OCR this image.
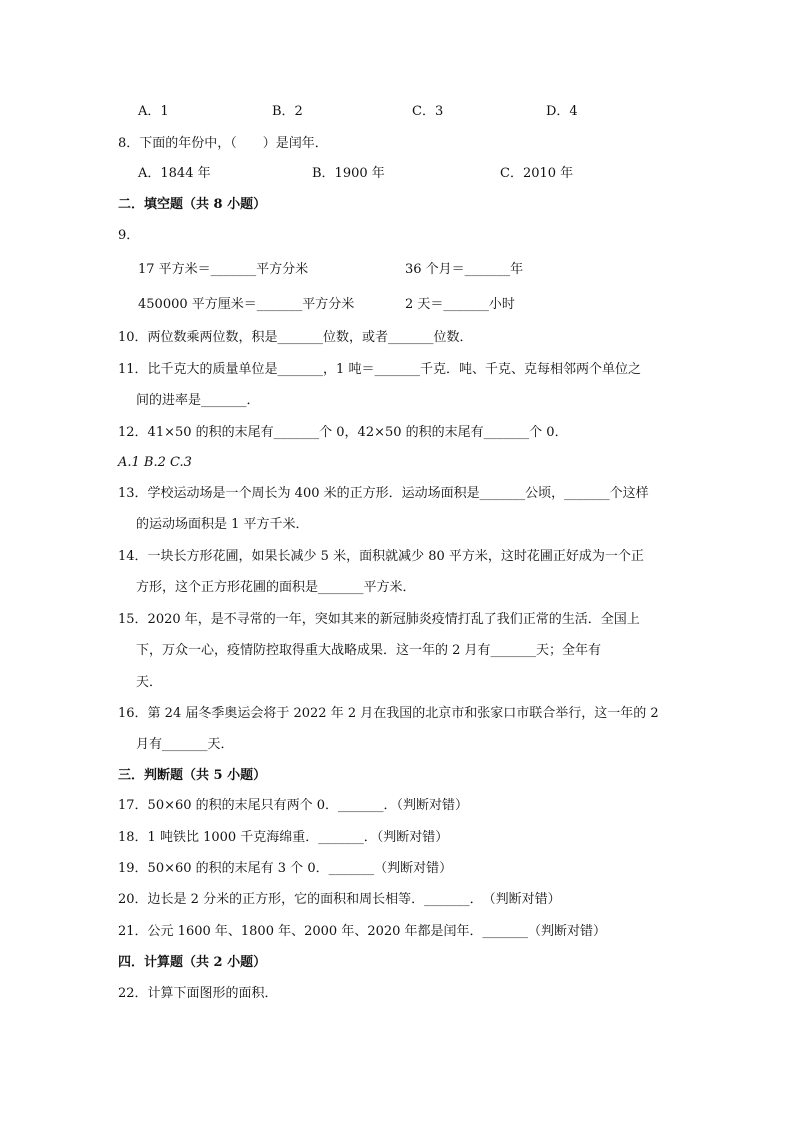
A．1	B．2	C．3	D．4
8．下面的年份中，（　　）是闰年．
A．1844 年	B．1900 年	C．2010 年
二．填空题（共 8 小题）
9．
17 平方米＝_______平方分米	36 个月＝_______年
450000 平方厘米＝_______平方分米	2 天＝_______小时
10．两位数乘两位数，积是_______位数，或者_______位数．
11．比千克大的质量单位是_______，1 吨＝_______千克．吨、千克、克每相邻两个单位之
间的进率是_______．
12．41×50 的积的末尾有_______个 0，42×50 的积的末尾有_______个 0．
A.1 B.2 C.3
13．学校运动场是一个周长为 400 米的正方形．运动场面积是_______公顷，_______个这样
的运动场面积是 1 平方千米．
14．一块长方形花圃，如果长减少 5 米，面积就减少 80 平方米，这时花圃正好成为一个正
方形，这个正方形花圃的面积是_______平方米．
15．2020 年，是不寻常的一年，突如其来的新冠肺炎疫情打乱了我们正常的生活．全国上
下，万众一心，疫情防控取得重大战略成果．这一年的 2 月有_______天；全年有
天．
16．第 24 届冬季奥运会将于 2022 年 2 月在我国的北京市和张家口市联合举行，这一年的 2
月有_______天．
三．判断题（共 5 小题）
17．50×60 的积的末尾只有两个 0．_______．（判断对错）
18．1 吨铁比 1000 千克海绵重．_______．（判断对错）
19．50×60 的积的末尾有 3 个 0．_______（判断对错）
20．边长是 2 分米的正方形，它的面积和周长相等．_______．　（判断对错）
21．公元 1600 年、1800 年、2000 年、2020 年都是闰年．_______（判断对错）
四．计算题（共 2 小题）
22．计算下面图形的面积．
